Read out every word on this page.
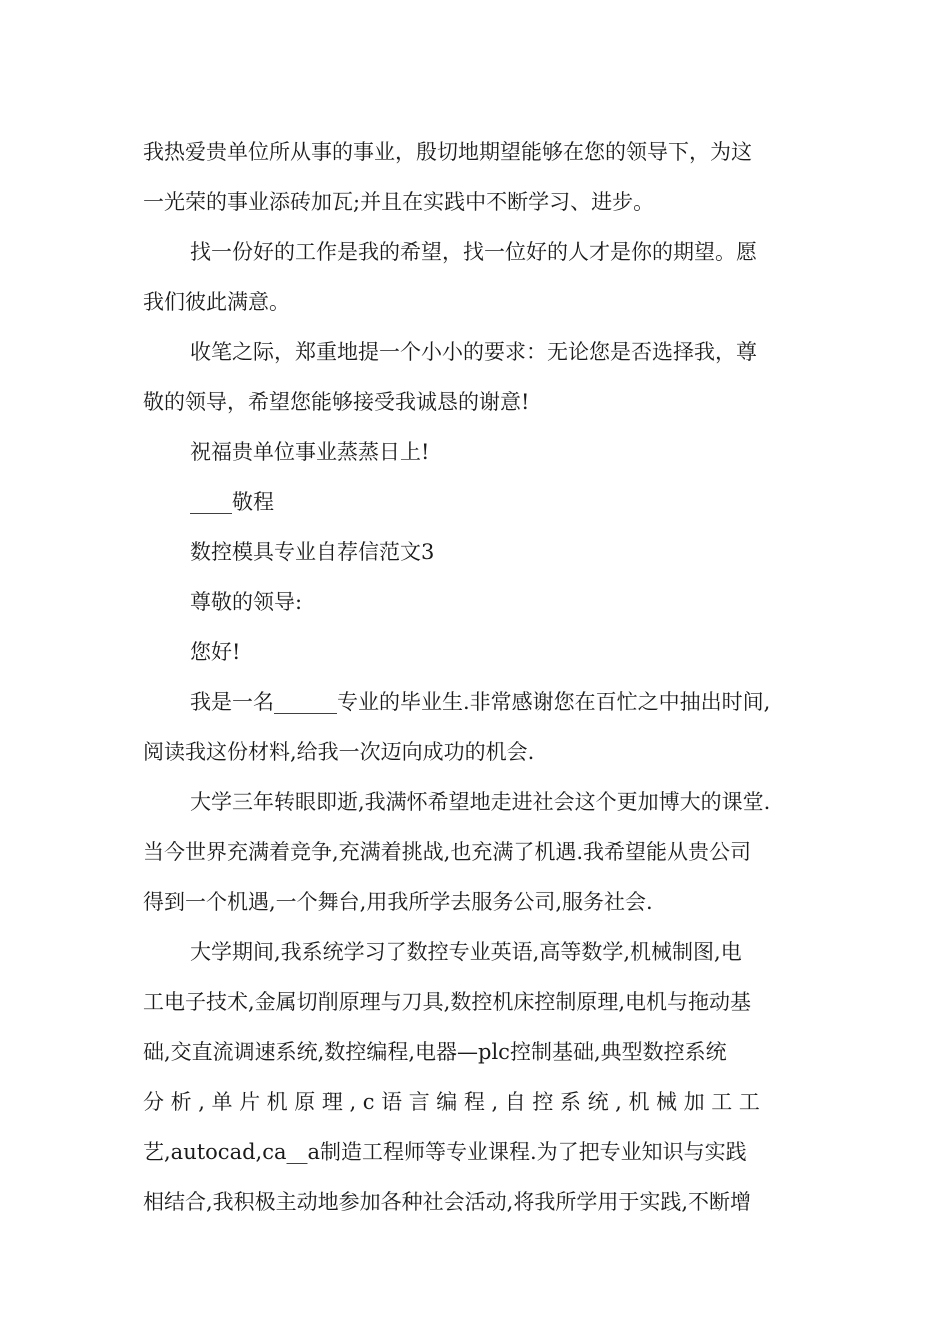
我热爱贵单位所从事的事业，殷切地期望能够在您的领导下，为这
一光荣的事业添砖加瓦;并且在实践中不断学习、进步。
找一份好的工作是我的希望，找一位好的人才是你的期望。愿
我们彼此满意。
收笔之际，郑重地提一个小小的要求：无论您是否选择我，尊
敬的领导，希望您能够接受我诚恳的谢意!
祝福贵单位事业蒸蒸日上!
____敬程
数控模具专业自荐信范文3
尊敬的领导:
您好!
我是一名______专业的毕业生.非常感谢您在百忙之中抽出时间,
阅读我这份材料,给我一次迈向成功的机会.
大学三年转眼即逝,我满怀希望地走进社会这个更加博大的课堂.
当今世界充满着竞争,充满着挑战,也充满了机遇.我希望能从贵公司
得到一个机遇,一个舞台,用我所学去服务公司,服务社会.
大学期间,我系统学习了数控专业英语,高等数学,机械制图,电
工电子技术,金属切削原理与刀具,数控机床控制原理,电机与拖动基
础,交直流调速系统,数控编程,电器—plc控制基础,典型数控系统
分析,单片机原理,c语言编程,自控系统,机械加工工
艺,autocad,ca__a制造工程师等专业课程.为了把专业知识与实践
相结合,我积极主动地参加各种社会活动,将我所学用于实践,不断增
